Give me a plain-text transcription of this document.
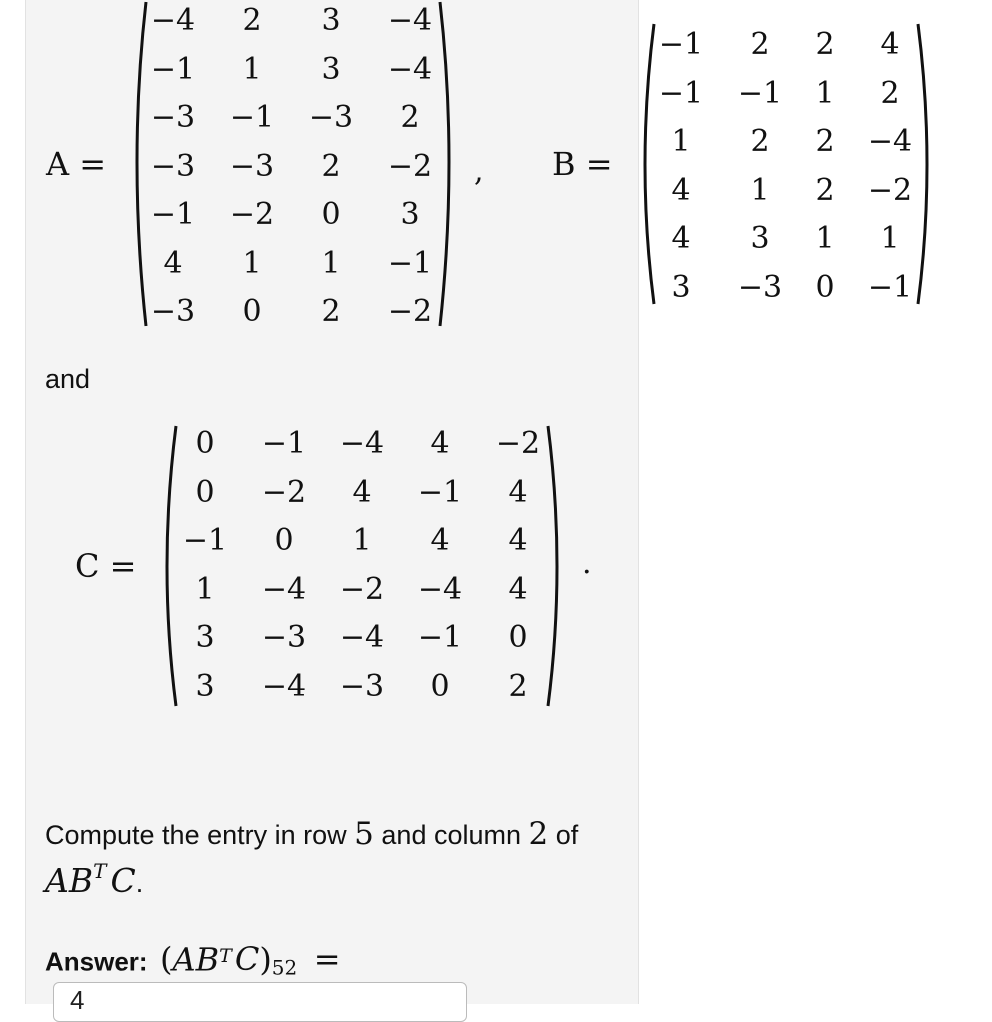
A =
−4	2	3	−4
−1	1	3	−4
−3	−1	−3	2
−3	−3	2	−2
−1	−2	0	3
4	1	1	−1
−3	0	2	−2
, B =
−1	2	2	4
−1	−1	1	2
1	2	2	−4
4	1	2	−2
4	3	1	1
3	−3	0	−1
and
C =
0	−1	−4	4	−2
0	−2	4	−1	4
−1	0	1	4	4
1	−4	−2	−4	4
3	−3	−4	−1	0
3	−4	−3	0	2
.
Compute the entry in row 5 and column 2 of
$AB^T$ C.
Answer: $(AB^TC)_{52}$ =
4
